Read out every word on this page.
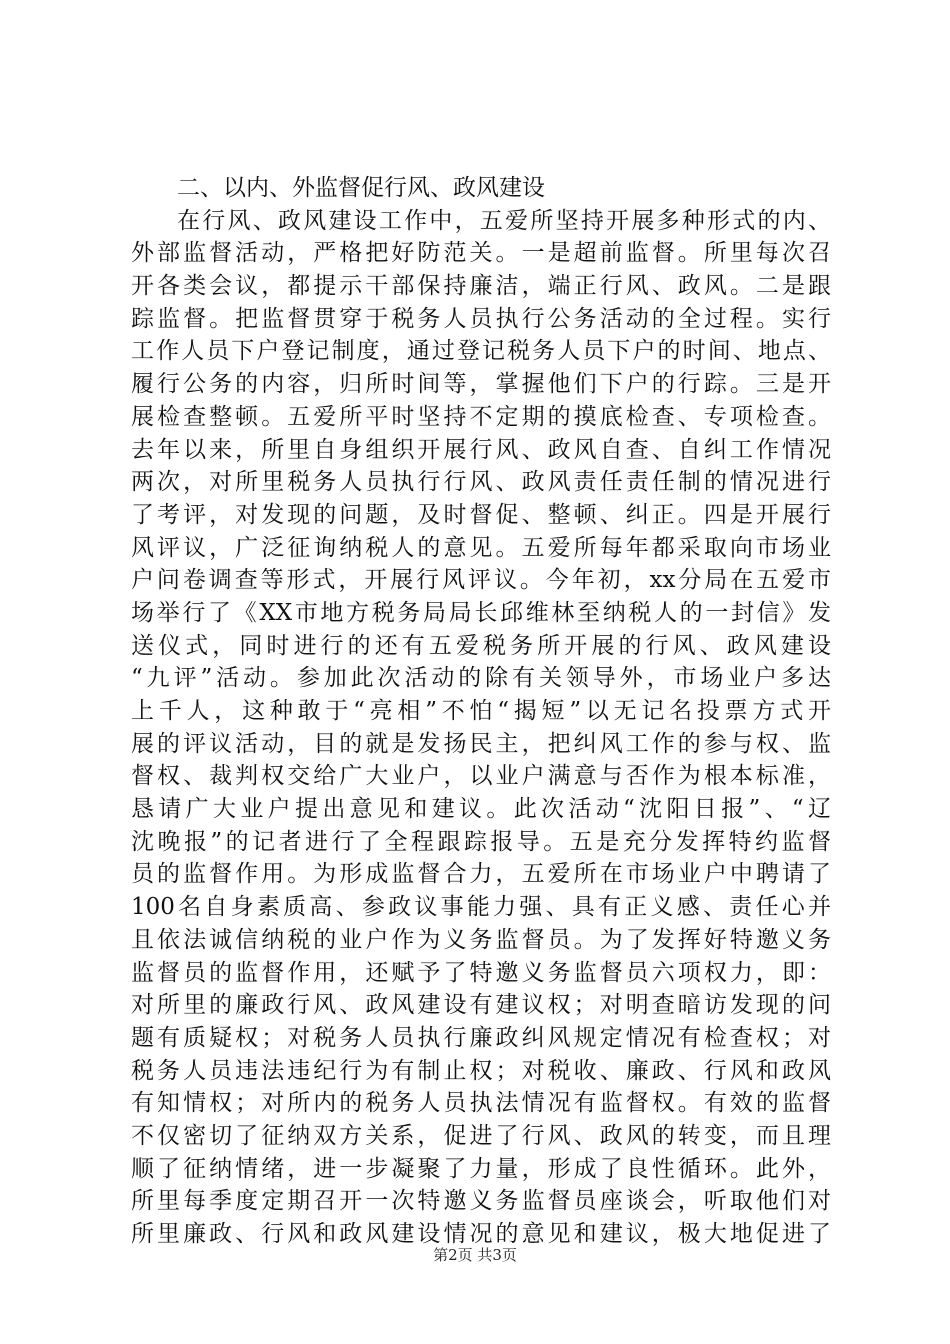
二、以内、外监督促行风、政风建设
在行风、政风建设工作中，五爱所坚持开展多种形式的内、
外部监督活动，严格把好防范关。一是超前监督。所里每次召
开各类会议，都提示干部保持廉洁，端正行风、政风。二是跟
踪监督。把监督贯穿于税务人员执行公务活动的全过程。实行
工作人员下户登记制度，通过登记税务人员下户的时间、地点、
履行公务的内容，归所时间等，掌握他们下户的行踪。三是开
展检查整顿。五爱所平时坚持不定期的摸底检查、专项检查。
去年以来，所里自身组织开展行风、政风自查、自纠工作情况
两次，对所里税务人员执行行风、政风责任责任制的情况进行
了考评，对发现的问题，及时督促、整顿、纠正。四是开展行
风评议，广泛征询纳税人的意见。五爱所每年都采取向市场业
户问卷调查等形式，开展行风评议。今年初，xx分局在五爱市
场举行了《XX市地方税务局局长邱维林至纳税人的一封信》发
送仪式，同时进行的还有五爱税务所开展的行风、政风建设
“九评”活动。参加此次活动的除有关领导外，市场业户多达
上千人，这种敢于“亮相”不怕“揭短”以无记名投票方式开
展的评议活动，目的就是发扬民主，把纠风工作的参与权、监
督权、裁判权交给广大业户，以业户满意与否作为根本标准，
恳请广大业户提出意见和建议。此次活动“沈阳日报”、“辽
沈晚报”的记者进行了全程跟踪报导。五是充分发挥特约监督
员的监督作用。为形成监督合力，五爱所在市场业户中聘请了
100名自身素质高、参政议事能力强、具有正义感、责任心并
且依法诚信纳税的业户作为义务监督员。为了发挥好特邀义务
监督员的监督作用，还赋予了特邀义务监督员六项权力，即：
对所里的廉政行风、政风建设有建议权；对明查暗访发现的问
题有质疑权；对税务人员执行廉政纠风规定情况有检查权；对
税务人员违法违纪行为有制止权；对税收、廉政、行风和政风
有知情权；对所内的税务人员执法情况有监督权。有效的监督
不仅密切了征纳双方关系，促进了行风、政风的转变，而且理
顺了征纳情绪，进一步凝聚了力量，形成了良性循环。此外，
所里每季度定期召开一次特邀义务监督员座谈会，听取他们对
所里廉政、行风和政风建设情况的意见和建议，极大地促进了
第2页 共3页
